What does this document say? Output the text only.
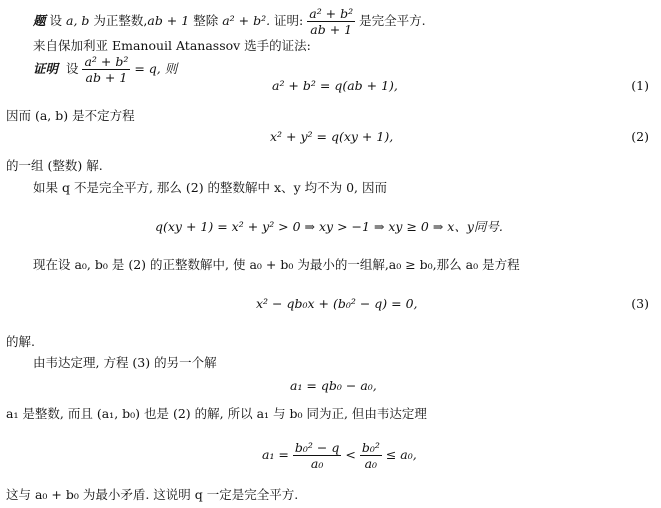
题 设 a, b 为正整数,ab + 1 整除 a² + b². 证明: $\frac{\text{a² + b²}}{ab + 1}$ 是完全平方.
来自保加利亚 Emanouil Atanassov 选手的证法:
证明 设 $\frac{\text{a² + b²}}{ab + 1} = q$, 则
a² + b² = q(ab + 1),	(1)
因而 (a, b) 是不定方程
x² + y² = q(xy + 1),	(2)
的一组 (整数) 解.
如果 q 不是完全平方, 那么 (2) 的整数解中 x、y 均不为 0, 因而
q(xy + 1) = x² + y² > 0 ⇒ xy > −1 ⇒ xy ≥ 0 ⇒ x、y同号.
现在设 a₀, b₀ 是 (2) 的正整数解中, 使 a₀ + b₀ 为最小的一组解,a₀ ≥ b₀,那么 a₀ 是方程
x² − qb₀x + (b₀² − q) = 0,	(3)
的解.
由韦达定理, 方程 (3) 的另一个解
a₁ = qb₀ − a₀,
a₁ 是整数, 而且 (a₁, b₀) 也是 (2) 的解, 所以 a₁ 与 b₀ 同为正, 但由韦达定理
$a_1 = \frac{\text{b₀² − q}}{\text{a₀}} < \frac{\text{b₀²}}{\text{a₀}} \le a_0$,
这与 a₀ + b₀ 为最小矛盾. 这说明 q 一定是完全平方.
